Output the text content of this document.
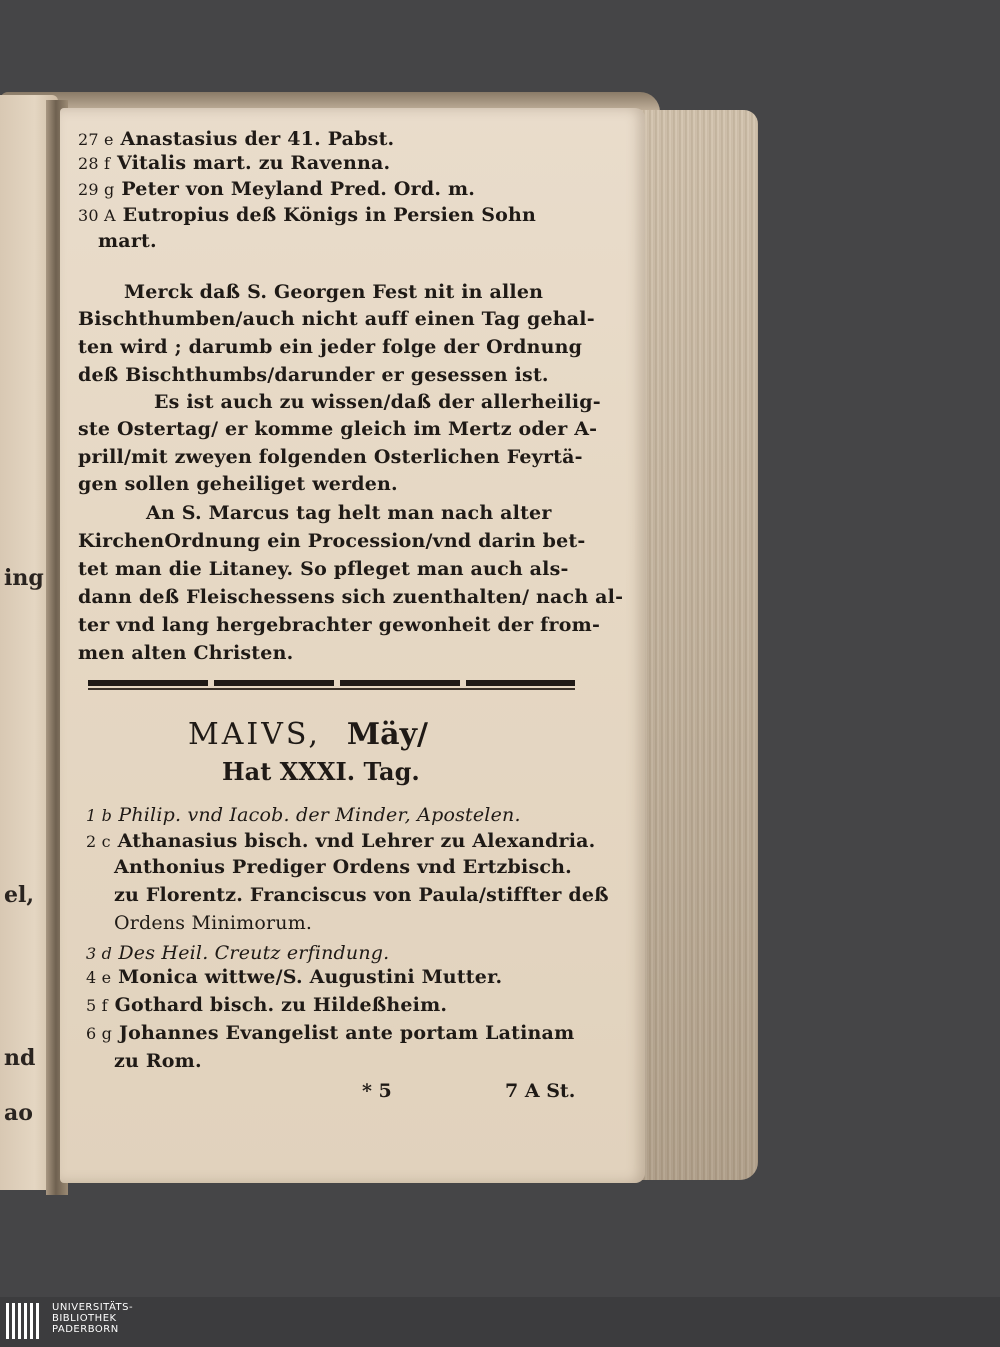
ing
el,
nd
ao
27 e Anastasius der 41. Pabst.
28 f Vitalis mart. zu Ravenna.
29 g Peter von Meyland Pred. Ord. m.
30 A Eutropius deß Königs in Persien Sohn
mart.
Merck daß S. Georgen Fest nit in allen
Bischthumben/auch nicht auff einen Tag gehal-
ten wird ; darumb ein jeder folge der Ordnung
deß Bischthumbs/darunder er gesessen ist.
Es ist auch zu wissen/daß der allerheilig-
ste Ostertag/ er komme gleich im Mertz oder A-
prill/mit zweyen folgenden Osterlichen Feyrtä-
gen sollen geheiliget werden.
An S. Marcus tag helt man nach alter
KirchenOrdnung ein Procession/vnd darin bet-
tet man die Litaney. So pfleget man auch als-
dann deß Fleischessens sich zuenthalten/ nach al-
ter vnd lang hergebrachter gewonheit der from-
men alten Christen.
MAIVS, Mäy/
Hat XXXI. Tag.
1 b Philip. vnd Iacob. der Minder, Apostelen.
2 c Athanasius bisch. vnd Lehrer zu Alexandria.
Anthonius Prediger Ordens vnd Ertzbisch.
zu Florentz. Franciscus von Paula/stiffter deß
Ordens Minimorum.
3 d Des Heil. Creutz erfindung.
4 e Monica wittwe/S. Augustini Mutter.
5 f Gothard bisch. zu Hildeßheim.
6 g Johannes Evangelist ante portam Latinam
zu Rom.
* 5	7 A St.
UNIVERSITÄTS-
BIBLIOTHEK
PADERBORN
